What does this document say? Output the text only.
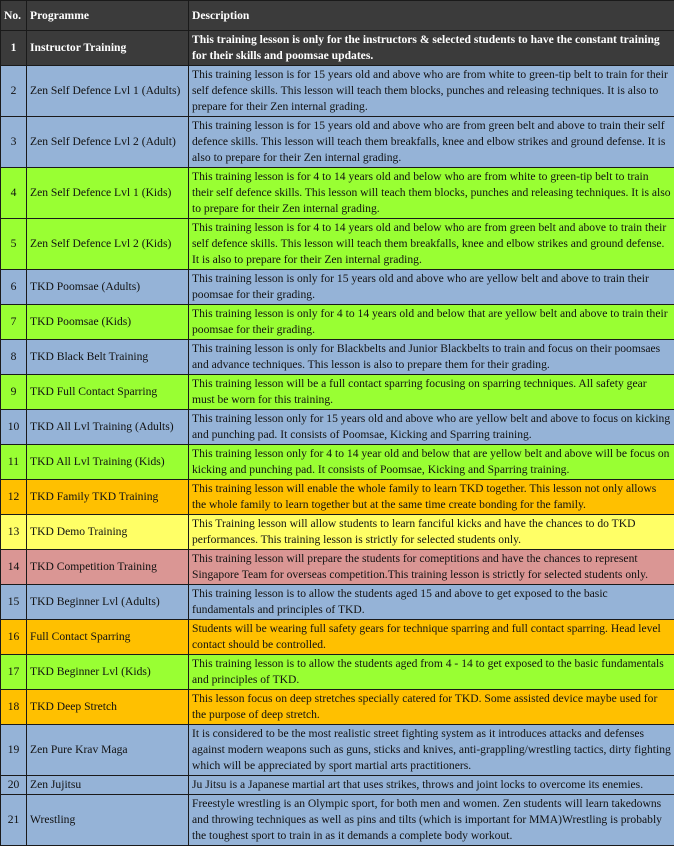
No.	Programme	Description
1	Instructor Training	This training lesson is only for the instructors & selected students to have the constant training for their skills and poomsae updates.
2	Zen Self Defence Lvl 1 (Adults)	This training lesson is for 15 years old and above who are from white to green-tip belt to train for their self defence skills. This lesson will teach them blocks, punches and releasing techniques. It is also to prepare for their Zen internal grading.
3	Zen Self Defence Lvl 2 (Adult)	This training lesson is for 15 years old and above who are from green belt and above to train their self defence skills. This lesson will teach them breakfalls, knee and elbow strikes and ground defense. It is also to prepare for their Zen internal grading.
4	Zen Self Defence Lvl 1 (Kids)	This training lesson is for 4 to 14 years old and below who are from white to green-tip belt to train their self defence skills. This lesson will teach them blocks, punches and releasing techniques. It is also to prepare for their Zen internal grading.
5	Zen Self Defence Lvl 2 (Kids)	This training lesson is for 4 to 14 years old and below who are from green belt and above to train their self defence skills. This lesson will teach them breakfalls, knee and elbow strikes and ground defense. It is also to prepare for their Zen internal grading.
6	TKD Poomsae (Adults)	This training lesson is only for 15 years old and above who are yellow belt and above to train their poomsae for their grading.
7	TKD Poomsae (Kids)	This training lesson is only for 4 to 14 years old and below that are yellow belt and above to train their poomsae for their grading.
8	TKD Black Belt Training	This training lesson is only for Blackbelts and Junior Blackbelts to train and focus on their poomsaes and advance techniques. This lesson is also to prepare them for their grading.
9	TKD Full Contact Sparring	This training lesson will be a full contact sparring focusing on sparring techniques. All safety gear must be worn for this training.
10	TKD All Lvl Training (Adults)	This training lesson only for 15 years old and above who are yellow belt and above to focus on kicking and punching pad. It consists of Poomsae, Kicking and Sparring training.
11	TKD All Lvl Training (Kids)	This training lesson only for 4 to 14 year old and below that are yellow belt and above will be focus on kicking and punching pad. It consists of Poomsae, Kicking and Sparring training.
12	TKD Family TKD Training	This training lesson will enable the whole family to learn TKD together. This lesson not only allows the whole family to learn together but at the same time create bonding for the family.
13	TKD Demo Training	This Training lesson will allow students to learn fanciful kicks and have the chances to do TKD performances. This training lesson is strictly for selected students only.
14	TKD Competition Training	This training lesson will prepare the students for comeptitions and have the chances to represent Singapore Team for overseas competition.This training lesson is strictly for selected students only.
15	TKD Beginner Lvl (Adults)	This training lesson is to allow the students aged 15 and above to get exposed to the basic fundamentals and principles of TKD.
16	Full Contact Sparring	Students will be wearing full safety gears for technique sparring and full contact sparring. Head level contact should be controlled.
17	TKD Beginner Lvl (Kids)	This training lesson is to allow the students aged from 4 - 14 to get exposed to the basic fundamentals and principles of TKD.
18	TKD Deep Stretch	This lesson focus on deep stretches specially catered for TKD. Some assisted device maybe used for the purpose of deep stretch.
19	Zen Pure Krav Maga	It is considered to be the most realistic street fighting system as it introduces attacks and defenses against modern weapons such as guns, sticks and knives, anti-grappling/wrestling tactics, dirty fighting which will be appreciated by sport martial arts practitioners.
20	Zen Jujitsu	Ju Jitsu is a Japanese martial art that uses strikes, throws and joint locks to overcome its enemies.
21	Wrestling	Freestyle wrestling is an Olympic sport, for both men and women. Zen students will learn takedowns and throwing techniques as well as pins and tilts (which is important for MMA)Wrestling is probably the toughest sport to train in as it demands a complete body workout.
